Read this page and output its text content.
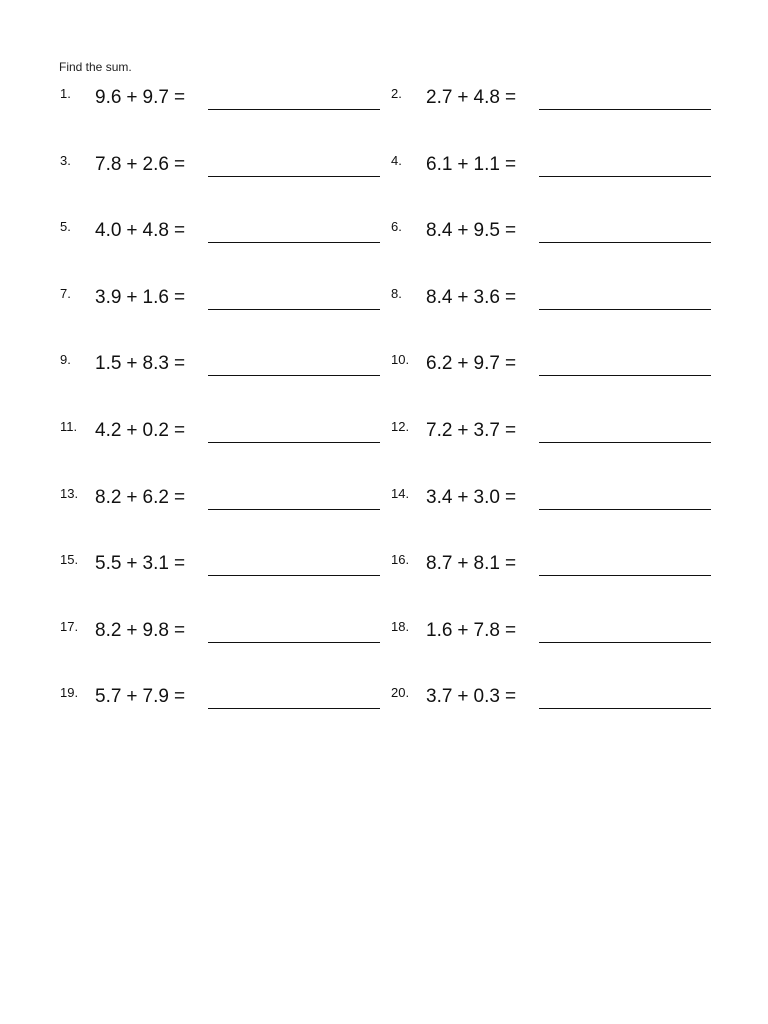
Find the sum.
1. 9.6 + 9.7 =	2. 2.7 + 4.8 =
3. 7.8 + 2.6 =	4. 6.1 + 1.1 =
5. 4.0 + 4.8 =	6. 8.4 + 9.5 =
7. 3.9 + 1.6 =	8. 8.4 + 3.6 =
9. 1.5 + 8.3 =	10. 6.2 + 9.7 =
11. 4.2 + 0.2 =	12. 7.2 + 3.7 =
13. 8.2 + 6.2 =	14. 3.4 + 3.0 =
15. 5.5 + 3.1 =	16. 8.7 + 8.1 =
17. 8.2 + 9.8 =	18. 1.6 + 7.8 =
19. 5.7 + 7.9 =	20. 3.7 + 0.3 =
